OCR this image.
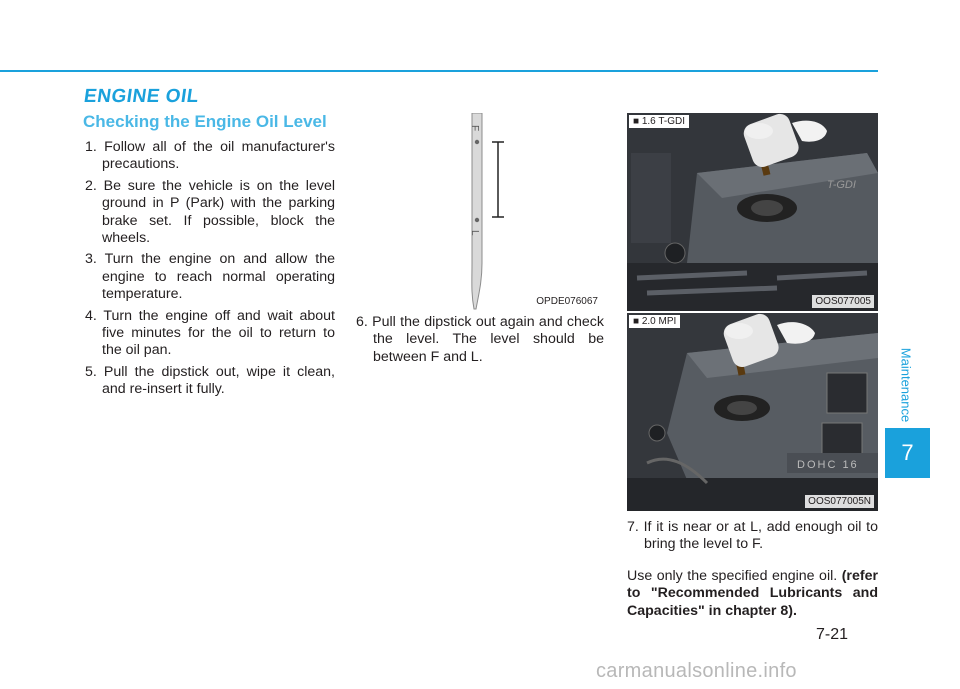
ENGINE OIL
Checking the Engine Oil Level
1. Follow all of the oil manufacturer's precautions.
2. Be sure the vehicle is on the level ground in P (Park) with the parking brake set. If possible, block the wheels.
3. Turn the engine on and allow the engine to reach normal operating temperature.
4. Turn the engine off and wait about five minutes for the oil to return to the oil pan.
5. Pull the dipstick out, wipe it clean, and re-insert it fully.
F
L
OPDE076067
6. Pull the dipstick out again and check the level. The level should be between F and L.
T-GDI
■ 1.6 T-GDI
OOS077005
DOHC 16
■ 2.0 MPI
OOS077005N
7. If it is near or at L, add enough oil to bring the level to F.
Use only the specified engine oil. (refer to "Recommended Lubricants and Capacities" in chapter 8).
Maintenance
7
7-21
carmanualsonline.info
